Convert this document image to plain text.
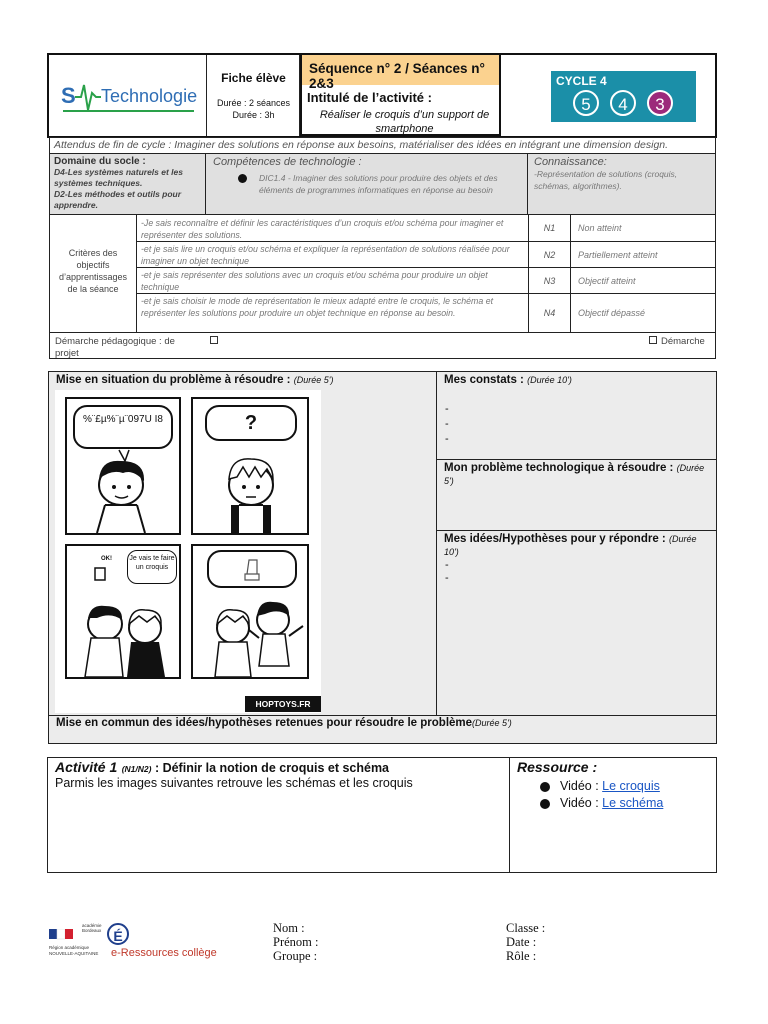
S Technologie
Fiche élève
Durée : 2 séances
Durée : 3h
Séquence n° 2 / Séances n° 2&3
Intitulé de l’activité :
Réaliser le croquis d’un support de smartphone
CYCLE 4
5	4	3
Attendus de fin de cycle : Imaginer des solutions en réponse aux besoins, matérialiser des idées en intégrant une dimension design.
Domaine du socle :
D4-Les systèmes naturels et les systèmes techniques.
D2-Les méthodes et outils pour apprendre.
Compétences de technologie :
DIC1.4 - Imaginer des solutions pour produire des objets et des éléments de programmes informatiques en réponse au besoin
Connaissance:
-Représentation de solutions (croquis, schémas, algorithmes).
Critères des objectifs d’apprentissages de la séance
-Je sais reconnaître et définir les caractéristiques d’un croquis et/ou schéma pour imaginer et représenter des solutions.
N1	Non atteint
-et je sais lire un croquis et/ou schéma et expliquer la représentation de solutions réalisée pour imaginer un objet technique
N2	Partiellement atteint
-et je sais représenter des solutions avec un croquis et/ou schéma pour produire un objet technique
N3	Objectif atteint
-et je sais choisir le mode de représentation le mieux adapté entre le croquis, le schéma et représenter les solutions pour produire un objet technique en réponse au besoin.	N4	Objectif dépassé
Démarche pédagogique : de projet
Démarche
Mise en situation du problème à résoudre : (Durée 5')
%¨£µ%¨µ¨097U I8	?
Je vais te faire un croquis
OK!
HOPTOYS.FR
Mes constats : (Durée 10')
-
-
-
Mon problème technologique à résoudre : (Durée 5')
Mes idées/Hypothèses pour y répondre : (Durée 10')
-
-
Mise en commun des idées/hypothèses retenues pour résoudre le problème(Durée 5')
Activité 1 (N1/N2) : Définir la notion de croquis et schéma
Parmis les images suivantes retrouve les schémas et les croquis
Ressource :
Vidéo : Le croquis
Vidéo : Le schéma
Région académique NOUVELLE-AQUITAINE
académie Bordeaux É
e-Ressources collège
Nom :
Prénom :
Groupe :
Classe :
Date :
Rôle :
